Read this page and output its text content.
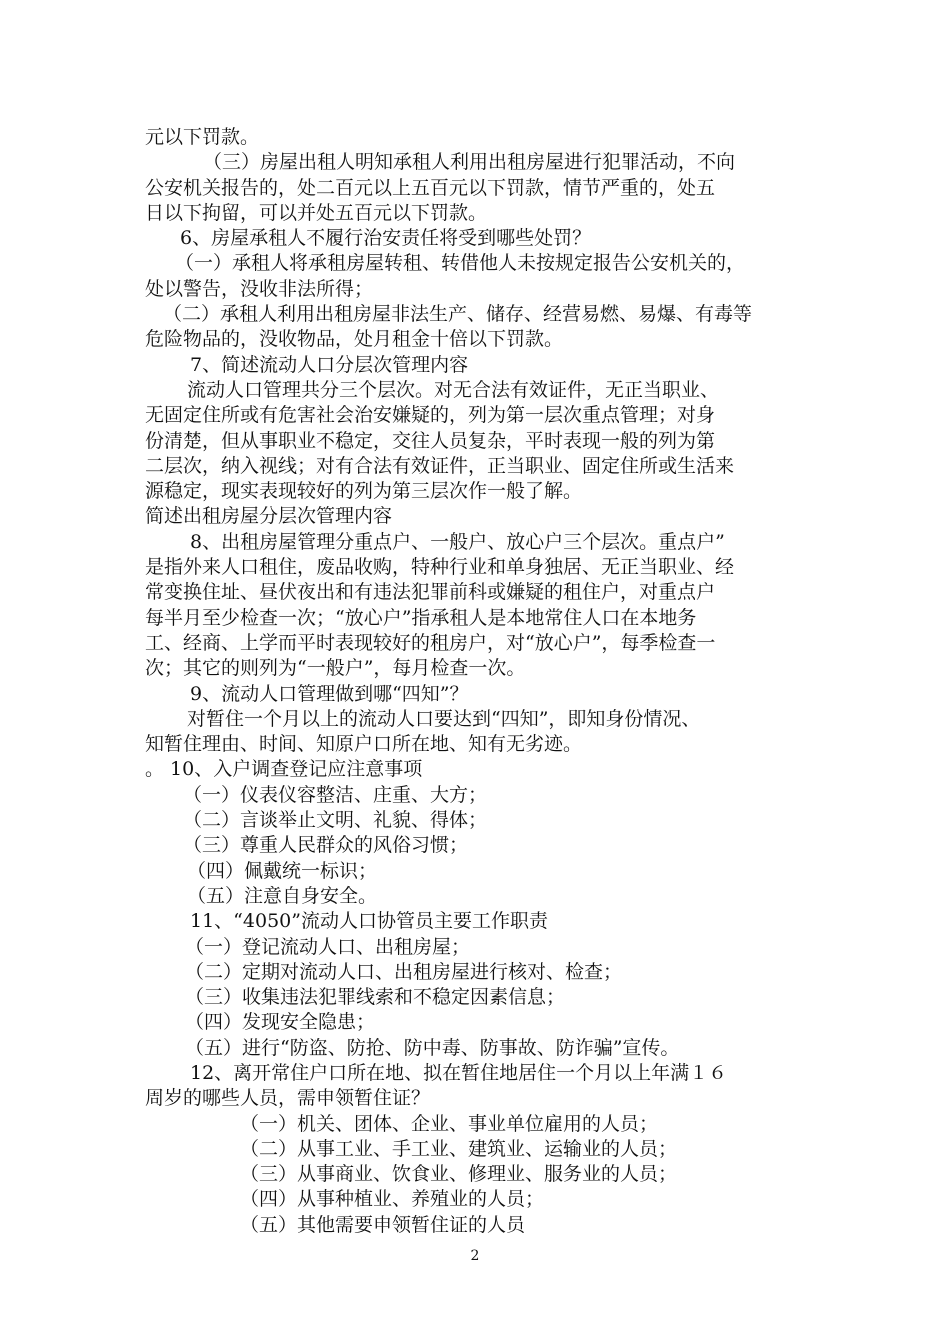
元以下罚款。
（三）房屋出租人明知承租人利用出租房屋进行犯罪活动，不向
公安机关报告的，处二百元以上五百元以下罚款，情节严重的，处五
日以下拘留，可以并处五百元以下罚款。
6、房屋承租人不履行治安责任将受到哪些处罚？
（一）承租人将承租房屋转租、转借他人未按规定报告公安机关的，
处以警告，没收非法所得；
（二）承租人利用出租房屋非法生产、储存、经营易燃、易爆、有毒等
危险物品的，没收物品，处月租金十倍以下罚款。
7、简述流动人口分层次管理内容
流动人口管理共分三个层次。对无合法有效证件，无正当职业、
无固定住所或有危害社会治安嫌疑的，列为第一层次重点管理；对身
份清楚，但从事职业不稳定，交往人员复杂，平时表现一般的列为第
二层次，纳入视线；对有合法有效证件，正当职业、固定住所或生活来
源稳定，现实表现较好的列为第三层次作一般了解。
简述出租房屋分层次管理内容
8、出租房屋管理分重点户、一般户、放心户三个层次。重点户”
是指外来人口租住，废品收购，特种行业和单身独居、无正当职业、经
常变换住址、昼伏夜出和有违法犯罪前科或嫌疑的租住户，对重点户
每半月至少检查一次；“放心户”指承租人是本地常住人口在本地务
工、经商、上学而平时表现较好的租房户，对“放心户”，每季检查一
次；其它的则列为“一般户”，每月检查一次。
9、流动人口管理做到哪“四知”？
对暂住一个月以上的流动人口要达到“四知”，即知身份情况、
知暂住理由、时间、知原户口所在地、知有无劣迹。
。 10、入户调查登记应注意事项
（一）仪表仪容整洁、庄重、大方；
（二）言谈举止文明、礼貌、得体；
（三）尊重人民群众的风俗习惯；
（四）佩戴统一标识；
（五）注意自身安全。
11、“4050”流动人口协管员主要工作职责
（一）登记流动人口、出租房屋；
（二）定期对流动人口、出租房屋进行核对、检查；
（三）收集违法犯罪线索和不稳定因素信息；
（四）发现安全隐患；
（五）进行“防盗、防抢、防中毒、防事故、防诈骗”宣传。
12、离开常住户口所在地、拟在暂住地居住一个月以上年满１６
周岁的哪些人员，需申领暂住证？
（一）机关、团体、企业、事业单位雇用的人员；
（二）从事工业、手工业、建筑业、运输业的人员；
（三）从事商业、饮食业、修理业、服务业的人员；
（四）从事种植业、养殖业的人员；
（五）其他需要申领暂住证的人员
2
